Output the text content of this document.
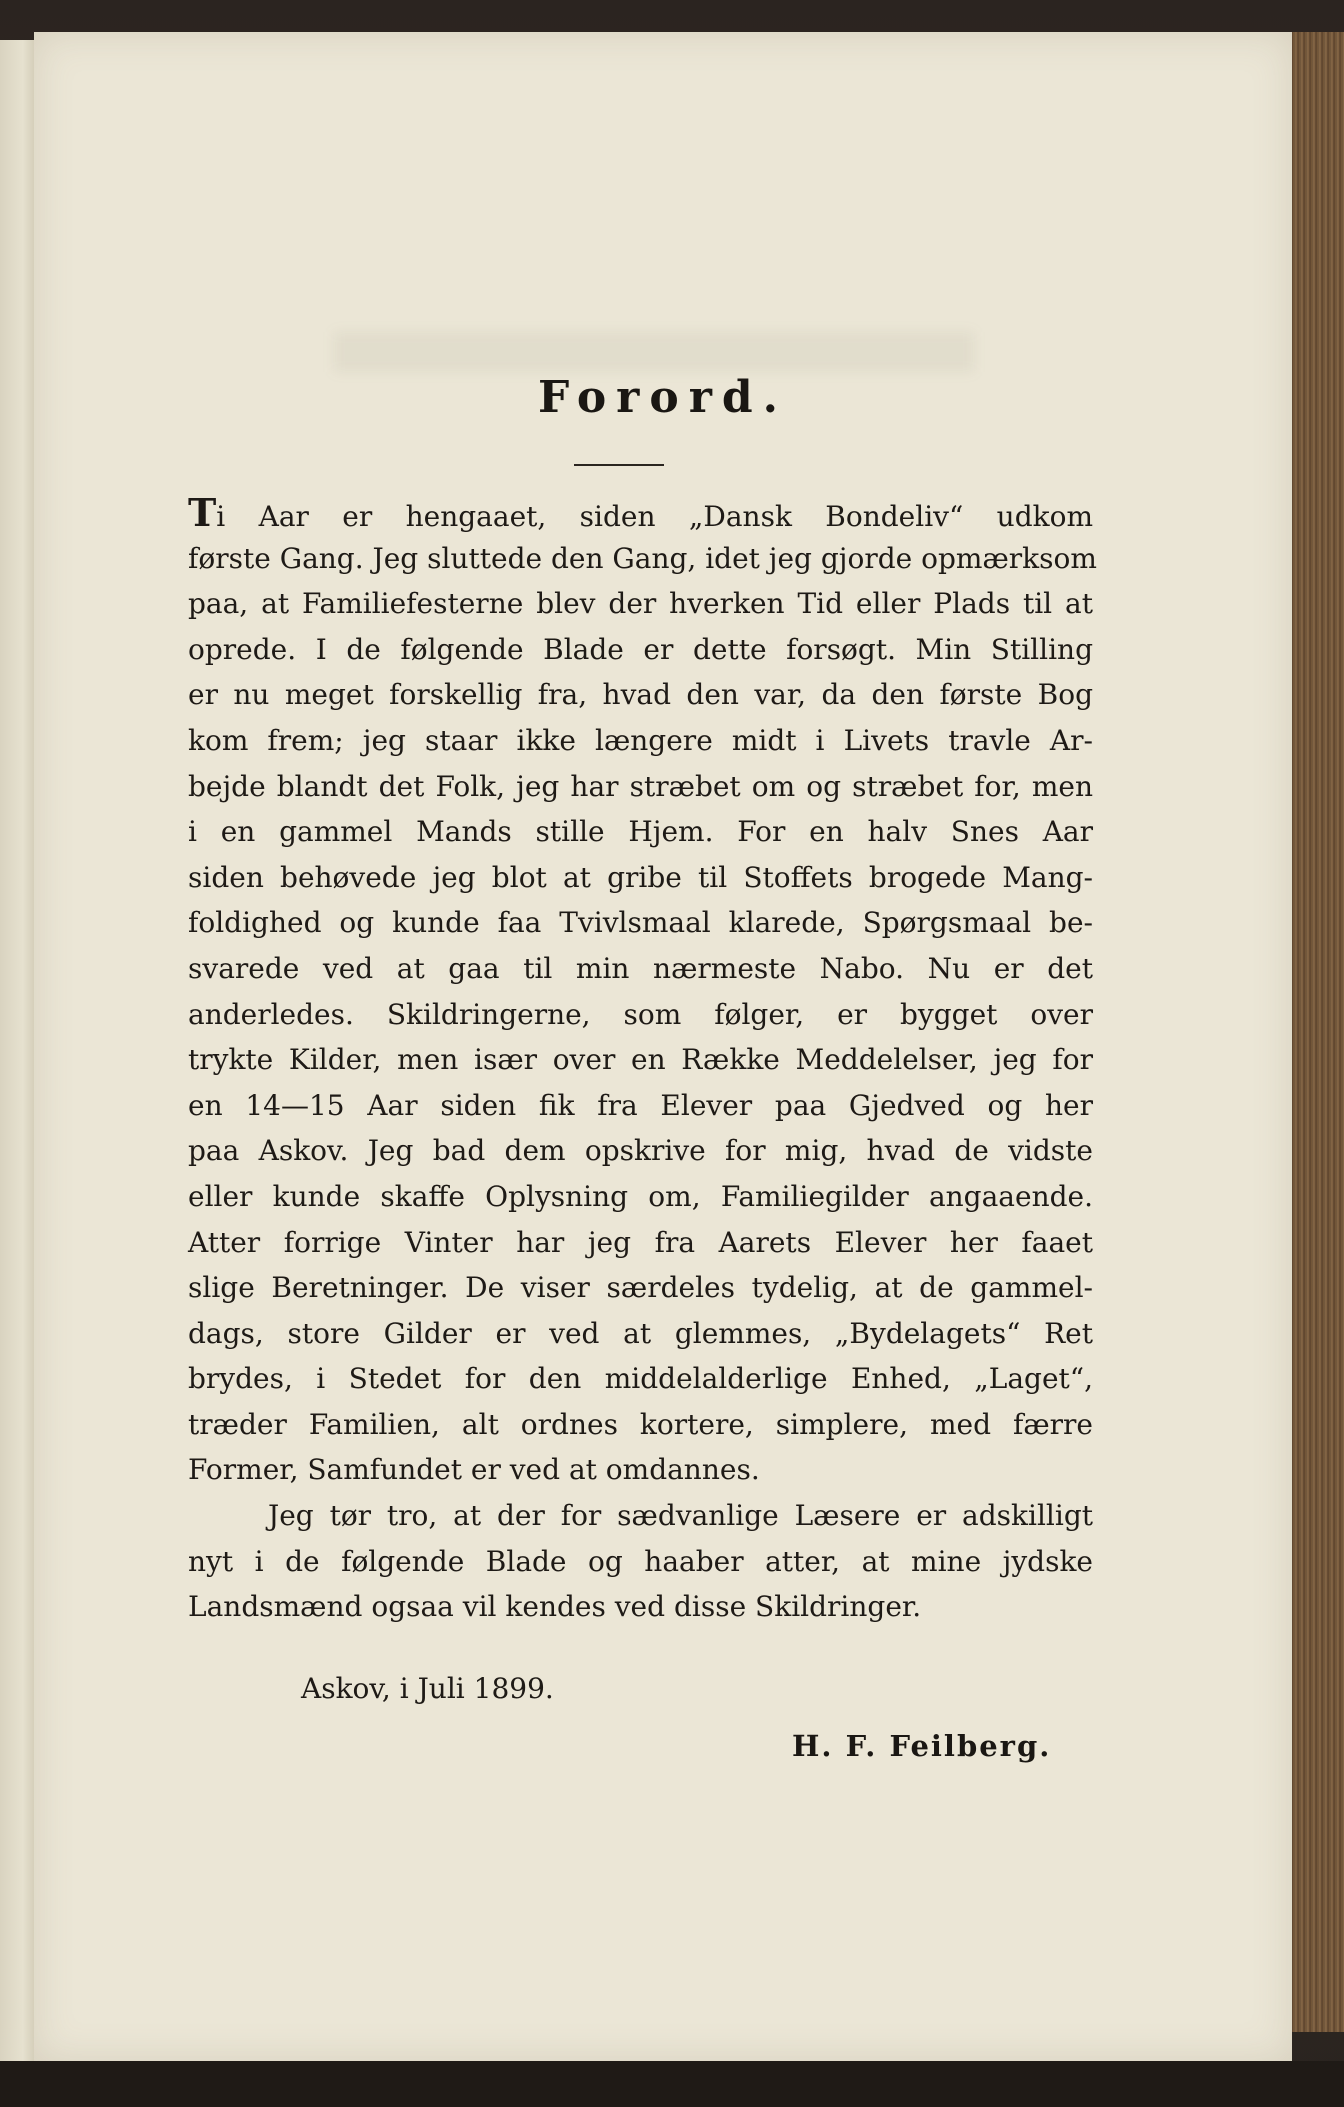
Forord.
Ti Aar er hengaaet, siden „Dansk Bondeliv“ udkom
første Gang. Jeg sluttede den Gang, idet jeg gjorde opmærksom
paa, at Familiefesterne blev der hverken Tid eller Plads til at
oprede. I de følgende Blade er dette forsøgt. Min Stilling
er nu meget forskellig fra, hvad den var, da den første Bog
kom frem; jeg staar ikke længere midt i Livets travle Ar-
bejde blandt det Folk, jeg har stræbet om og stræbet for, men
i en gammel Mands stille Hjem. For en halv Snes Aar
siden behøvede jeg blot at gribe til Stoffets brogede Mang-
foldighed og kunde faa Tvivlsmaal klarede, Spørgsmaal be-
svarede ved at gaa til min nærmeste Nabo. Nu er det
anderledes. Skildringerne, som følger, er bygget over
trykte Kilder, men især over en Række Meddelelser, jeg for
en 14—15 Aar siden fik fra Elever paa Gjedved og her
paa Askov. Jeg bad dem opskrive for mig, hvad de vidste
eller kunde skaffe Oplysning om, Familiegilder angaaende.
Atter forrige Vinter har jeg fra Aarets Elever her faaet
slige Beretninger. De viser særdeles tydelig, at de gammel-
dags, store Gilder er ved at glemmes, „Bydelagets“ Ret
brydes, i Stedet for den middelalderlige Enhed, „Laget“,
træder Familien, alt ordnes kortere, simplere, med færre
Former, Samfundet er ved at omdannes.
Jeg tør tro, at der for sædvanlige Læsere er adskilligt
nyt i de følgende Blade og haaber atter, at mine jydske
Landsmænd ogsaa vil kendes ved disse Skildringer.

Askov, i Juli 1899.

H. F. Feilberg.
